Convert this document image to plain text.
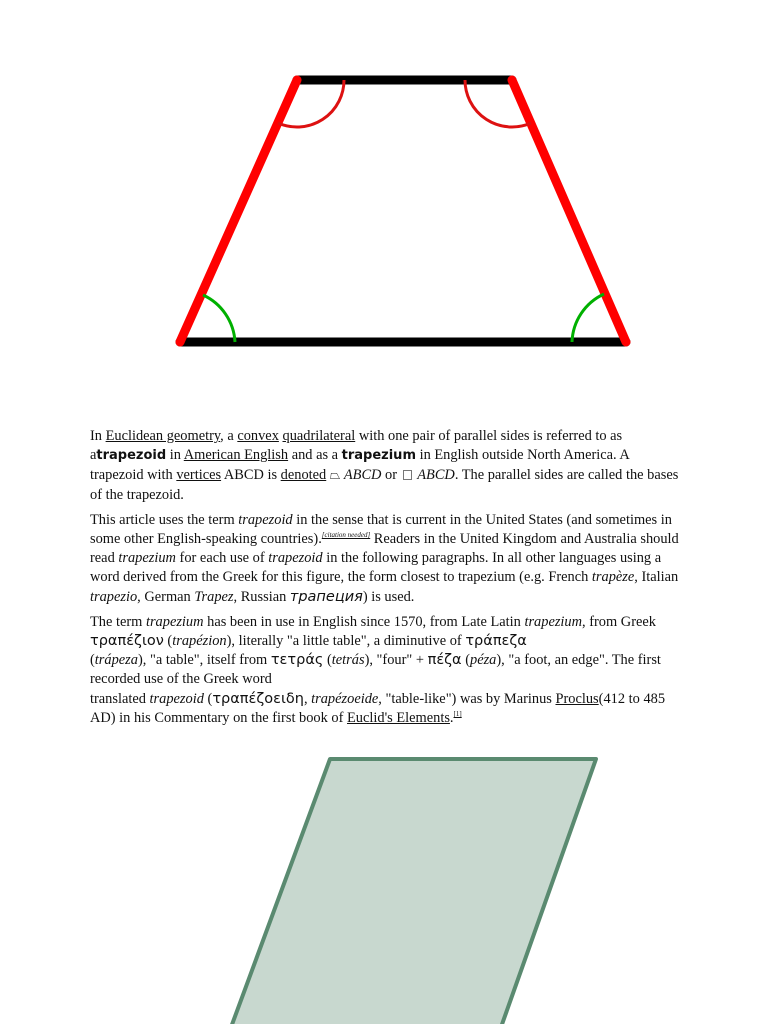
In Euclidean geometry, a convex quadrilateral with one pair of parallel sides is referred to as atrapezoid in American English and as a trapezium in English outside North America. A trapezoid with vertices ABCD is denoted ⏢ ABCD or  ABCD. The parallel sides are called the bases of the trapezoid.

This article uses the term trapezoid in the sense that is current in the United States (and sometimes in some other English-speaking countries).[citation needed] Readers in the United Kingdom and Australia should read trapezium for each use of trapezoid in the following paragraphs. In all other languages using a word derived from the Greek for this figure, the form closest to trapezium (e.g. French trapèze, Italian trapezio, German Trapez, Russian трапеция) is used.

The term trapezium has been in use in English since 1570, from Late Latin trapezium, from Greek τραπέζιον (trapézion), literally "a little table", a diminutive of τράπεζα
(trápeza), "a table", itself from τετράς (tetrás), "four" + πέζα (péza), "a foot, an edge". The first recorded use of the Greek word
translated trapezoid (τραπέζοειδη, trapézoeide, "table-like") was by Marinus Proclus(412 to 485 AD) in his Commentary on the first book of Euclid's Elements.[1]
